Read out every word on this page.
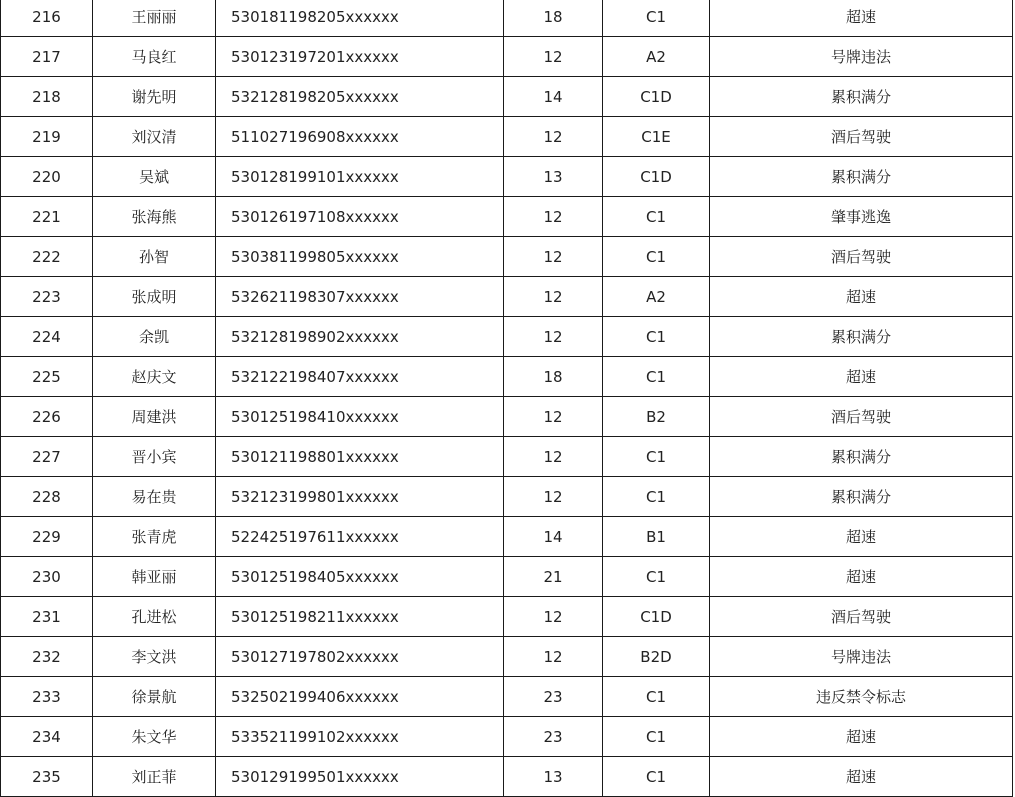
216	王丽丽	530181198205xxxxxx	18	C1	超速
217	马良红	530123197201xxxxxx	12	A2	号牌违法
218	谢先明	532128198205xxxxxx	14	C1D	累积满分
219	刘汉清	511027196908xxxxxx	12	C1E	酒后驾驶
220	吴斌	530128199101xxxxxx	13	C1D	累积满分
221	张海熊	530126197108xxxxxx	12	C1	肇事逃逸
222	孙智	530381199805xxxxxx	12	C1	酒后驾驶
223	张成明	532621198307xxxxxx	12	A2	超速
224	余凯	532128198902xxxxxx	12	C1	累积满分
225	赵庆文	532122198407xxxxxx	18	C1	超速
226	周建洪	530125198410xxxxxx	12	B2	酒后驾驶
227	晋小宾	530121198801xxxxxx	12	C1	累积满分
228	易在贵	532123199801xxxxxx	12	C1	累积满分
229	张青虎	522425197611xxxxxx	14	B1	超速
230	韩亚丽	530125198405xxxxxx	21	C1	超速
231	孔进松	530125198211xxxxxx	12	C1D	酒后驾驶
232	李文洪	530127197802xxxxxx	12	B2D	号牌违法
233	徐景航	532502199406xxxxxx	23	C1	违反禁令标志
234	朱文华	533521199102xxxxxx	23	C1	超速
235	刘正菲	530129199501xxxxxx	13	C1	超速
